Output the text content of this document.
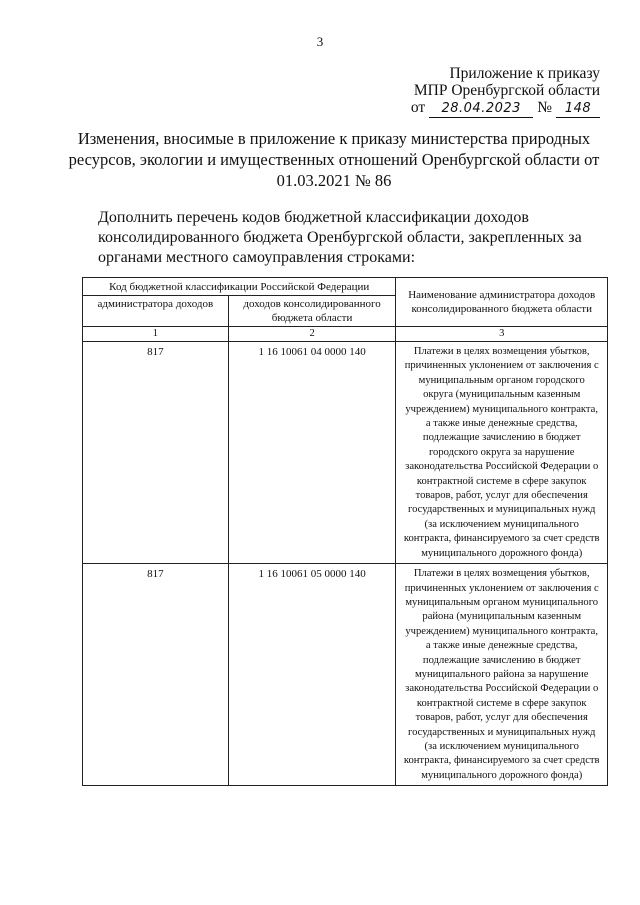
3
Приложение к приказу
МПР Оренбургской области
от	28.04.2023	№ 148
Изменения, вносимые в приложение к приказу министерства природных ресурсов, экологии и имущественных отношений Оренбургской области от 01.03.2021 № 86
Дополнить перечень кодов бюджетной классификации доходов консолидированного бюджета Оренбургской области, закрепленных за органами местного самоуправления строками:
Код бюджетной классификации Российской Федерации		Наименование администратора доходов консолидированного бюджета области
администратора доходов	доходов консолидированного бюджета области	
1	2	3
817	1 16 10061 04 0000 140	Платежи в целях возмещения убытков, причиненных уклонением от заключения с муниципальным органом городского округа (муниципальным казенным учреждением) муниципального контракта, а также иные денежные средства, подлежащие зачислению в бюджет городского округа за нарушение законодательства Российской Федерации о контрактной системе в сфере закупок товаров, работ, услуг для обеспечения государственных и муниципальных нужд (за исключением муниципального контракта, финансируемого за счет средств муниципального дорожного фонда)
817	1 16 10061 05 0000 140	Платежи в целях возмещения убытков, причиненных уклонением от заключения с муниципальным органом муниципального района (муниципальным казенным учреждением) муниципального контракта, а также иные денежные средства, подлежащие зачислению в бюджет муниципального района за нарушение законодательства Российской Федерации о контрактной системе в сфере закупок товаров, работ, услуг для обеспечения государственных и муниципальных нужд (за исключением муниципального контракта, финансируемого за счет средств муниципального дорожного фонда)
